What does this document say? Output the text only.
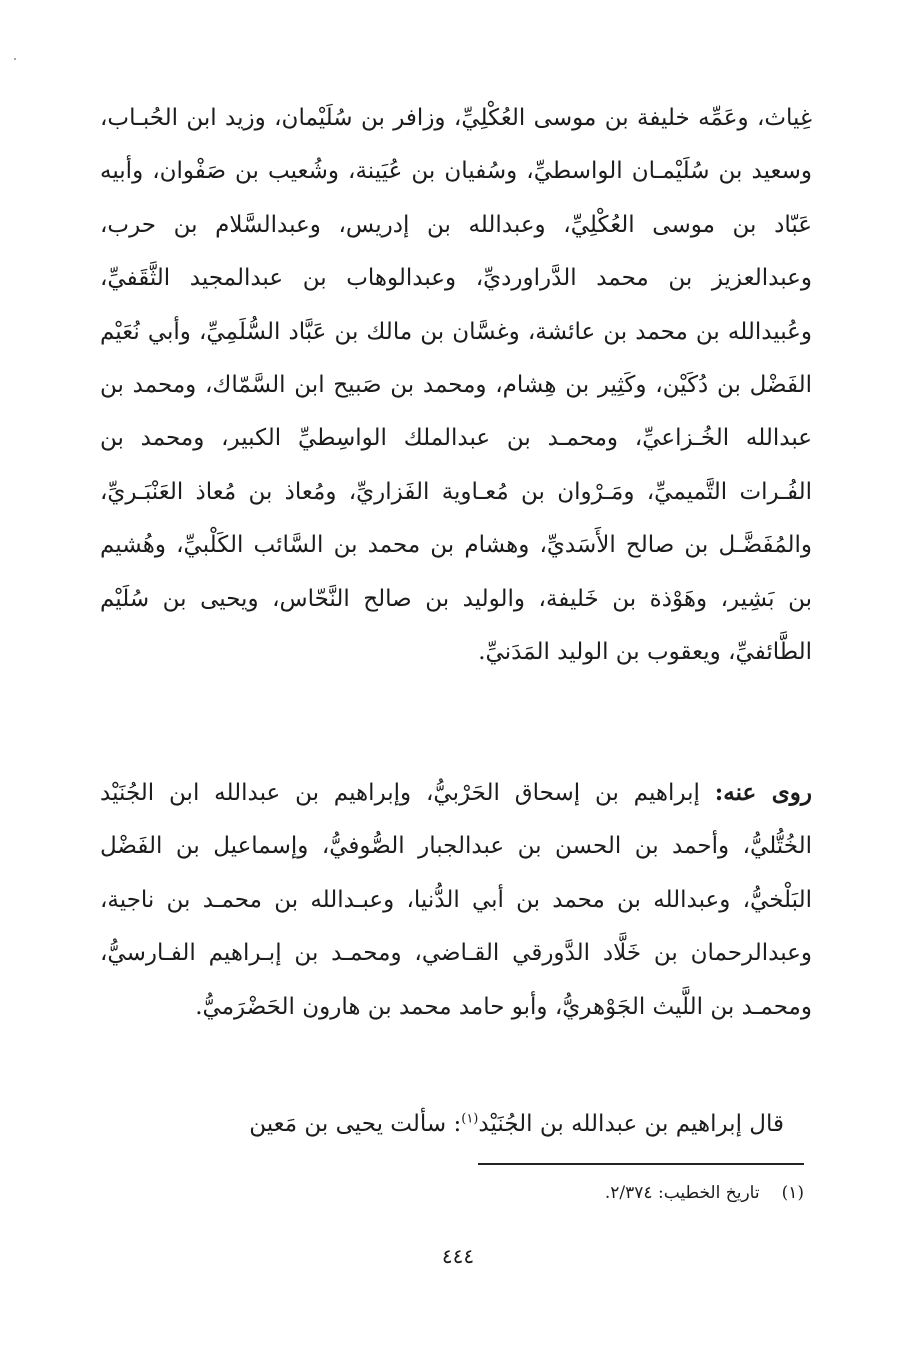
غِياث، وعَمِّه خليفة بن موسى العُكْلِيِّ، وزافر بن سُلَيْمان، وزيد ابن الحُبـاب، وسعيد بن سُلَيْمـان الواسطيِّ، وسُفيان بن عُيَينة، وشُعيب بن صَفْوان، وأبيه عَبّاد بن موسى العُكْلِيِّ، وعبدالله بن إدريس، وعبدالسَّلام بن حرب، وعبدالعزيز بن محمد الدَّراورديِّ، وعبدالوهاب بن عبدالمجيد الثَّقَفيِّ، وعُبيدالله بن محمد بن عائشة، وغسَّان بن مالك بن عَبَّاد السُّلَمِيِّ، وأبي نُعَيْم الفَضْل بن دُكَيْن، وكَثِير بن هِشام، ومحمد بن صَبيح ابن السَّمّاك، ومحمد بن عبدالله الخُـزاعيِّ، ومحمـد بن عبدالملك الواسِطيِّ الكبير، ومحمد بن الفُـرات التَّميميِّ، ومَـرْوان بن مُعـاوية الفَزاريِّ، ومُعاذ بن مُعاذ العَنْبَـريِّ، والمُفَضَّـل بن صالح الأَسَديِّ، وهشام بن محمد بن السَّائب الكَلْبيِّ، وهُشيم بن بَشِير، وهَوْذة بن خَليفة، والوليد بن صالح النَّحّاس، ويحيى بن سُلَيْم الطَّائفيِّ، ويعقوب بن الوليد المَدَنيِّ.

روى عنه: إبراهيم بن إسحاق الحَرْبيُّ، وإبراهيم بن عبدالله ابن الجُنَيْد الخُتُّليُّ، وأحمد بن الحسن بن عبدالجبار الصُّوفيُّ، وإسماعيل بن الفَضْل البَلْخيُّ، وعبدالله بن محمد بن أبي الدُّنيا، وعبـدالله بن محمـد بن ناجية، وعبدالرحمان بن خَلَّاد الدَّورقي القـاضي، ومحمـد بن إبـراهيم الفـارسيُّ، ومحمـد بن اللَّيث الجَوْهريُّ، وأبو حامد محمد بن هارون الحَضْرَميُّ.

قال إبراهيم بن عبدالله بن الجُنَيْد$^{(١)}$: سألت يحيى بن مَعين

(١)تاريخ الخطيب: ٢/٣٧٤.
٤٤٤
